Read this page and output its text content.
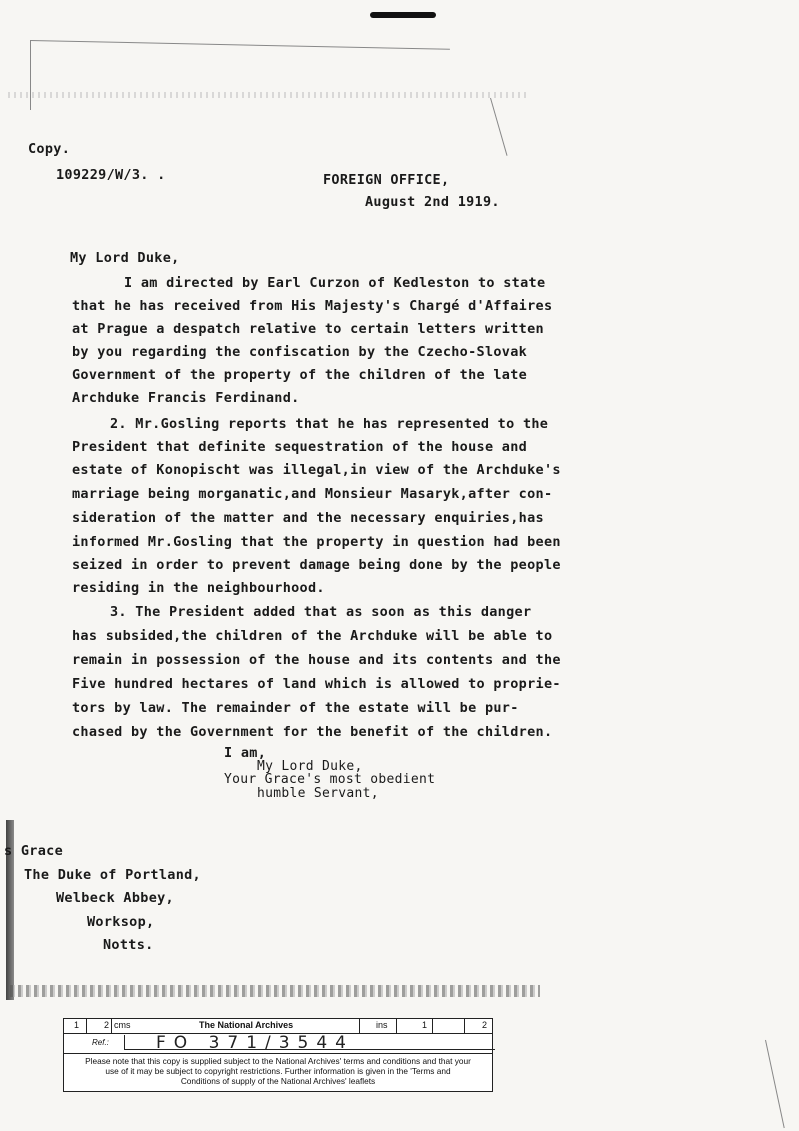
Copy.

109229/W/3. .	FOREIGN OFFICE,

August 2nd 1919.

My Lord Duke,

I am directed by Earl Curzon of Kedleston to state

that he has received from His Majesty's Chargé d'Affaires

at Prague a despatch relative to certain letters written

by you regarding the confiscation by the Czecho-Slovak

Government of the property of the children of the late

Archduke Francis Ferdinand.

2. Mr.Gosling reports that he has represented to the

President that definite sequestration of the house and

estate of Konopischt was illegal,in view of the Archduke's

marriage being morganatic,and Monsieur Masaryk,after con-

sideration of the matter and the necessary enquiries,has

informed Mr.Gosling that the property in question had been

seized in order to prevent damage being done by the people

residing in the neighbourhood.

3. The President added that as soon as this danger

has subsided,the children of the Archduke will be able to

remain in possession of the house and its contents and the

Five hundred hectares of land which is allowed to proprie-

tors by law. The remainder of the estate will be pur-

chased by the Government for the benefit of the children.

I am,

My Lord Duke,

Your Grace's most obedient

humble Servant,

s Grace

The Duke of Portland,

Welbeck Abbey,

Worksop,

Notts.

1	2 cms	The National Archives	ins	1	2
Ref.:	FO 371/3544
Please note that this copy is supplied subject to the National Archives' terms and conditions and that your
use of it may be subject to copyright restrictions. Further information is given in the 'Terms and
Conditions of supply of the National Archives' leaflets
